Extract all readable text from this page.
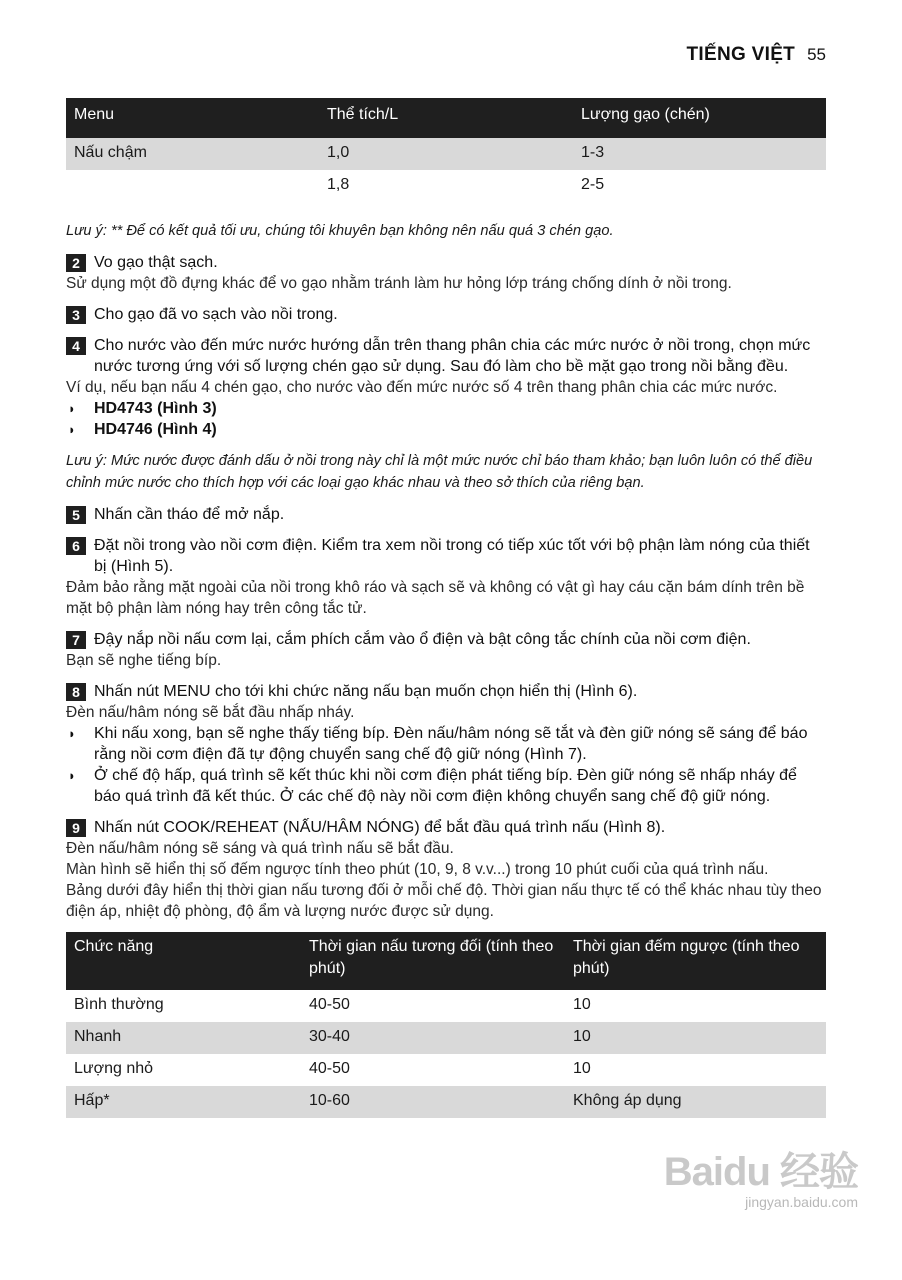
TIẾNG VIỆT 55
Menu	Thể tích/L	Lượng gạo (chén)
Nấu chậm	1,0	1-3
	1,8	2-5

Lưu ý: ** Để có kết quả tối ưu, chúng tôi khuyên bạn không nên nấu quá 3 chén gạo.

2 Vo gạo thật sạch.

Sử dụng một đồ đựng khác để vo gạo nhằm tránh làm hư hỏng lớp tráng chống dính ở nồi trong.

3 Cho gạo đã vo sạch vào nồi trong.
4 Cho nước vào đến mức nước hướng dẫn trên thang phân chia các mức nước ở nồi trong, chọn mức nước tương ứng với số lượng chén gạo sử dụng. Sau đó làm cho bề mặt gạo trong nồi bằng đều.

Ví dụ, nếu bạn nấu 4 chén gạo, cho nước vào đến mức nước số 4 trên thang phân chia các mức nước.

◗ HD4743 (Hình 3)
◗ HD4746 (Hình 4)

Lưu ý: Mức nước được đánh dấu ở nồi trong này chỉ là một mức nước chỉ báo tham khảo; bạn luôn luôn có thể điều chỉnh mức nước cho thích hợp với các loại gạo khác nhau và theo sở thích của riêng bạn.

5 Nhấn cần tháo để mở nắp.
6 Đặt nồi trong vào nồi cơm điện. Kiểm tra xem nồi trong có tiếp xúc tốt với bộ phận làm nóng của thiết bị (Hình 5).

Đảm bảo rằng mặt ngoài của nồi trong khô ráo và sạch sẽ và không có vật gì hay cáu cặn bám dính trên bề mặt bộ phận làm nóng hay trên công tắc tử.

7 Đậy nắp nồi nấu cơm lại, cắm phích cắm vào ổ điện và bật công tắc chính của nồi cơm điện.

Bạn sẽ nghe tiếng bíp.

8 Nhấn nút MENU cho tới khi chức năng nấu bạn muốn chọn hiển thị (Hình 6).

Đèn nấu/hâm nóng sẽ bắt đầu nhấp nháy.

◗ Khi nấu xong, bạn sẽ nghe thấy tiếng bíp. Đèn nấu/hâm nóng sẽ tắt và đèn giữ nóng sẽ sáng để báo rằng nồi cơm điện đã tự động chuyển sang chế độ giữ nóng (Hình 7).
◗ Ở chế độ hấp, quá trình sẽ kết thúc khi nồi cơm điện phát tiếng bíp. Đèn giữ nóng sẽ nhấp nháy để báo quá trình đã kết thúc. Ở các chế độ này nồi cơm điện không chuyển sang chế độ giữ nóng.
9 Nhấn nút COOK/REHEAT (NẤU/HÂM NÓNG) để bắt đầu quá trình nấu (Hình 8).

Đèn nấu/hâm nóng sẽ sáng và quá trình nấu sẽ bắt đầu.

Màn hình sẽ hiển thị số đếm ngược tính theo phút (10, 9, 8 v.v...) trong 10 phút cuối của quá trình nấu.

Bảng dưới đây hiển thị thời gian nấu tương đối ở mỗi chế độ. Thời gian nấu thực tế có thể khác nhau tùy theo điện áp, nhiệt độ phòng, độ ẩm và lượng nước được sử dụng.

Chức năng	Thời gian nấu tương đối (tính theo phút)	Thời gian đếm ngược (tính theo phút)
Bình thường	40-50	10
Nhanh	30-40	10
Lượng nhỏ	40-50	10
Hấp*	10-60	Không áp dụng
Baidu 经验
jingyan.baidu.com
